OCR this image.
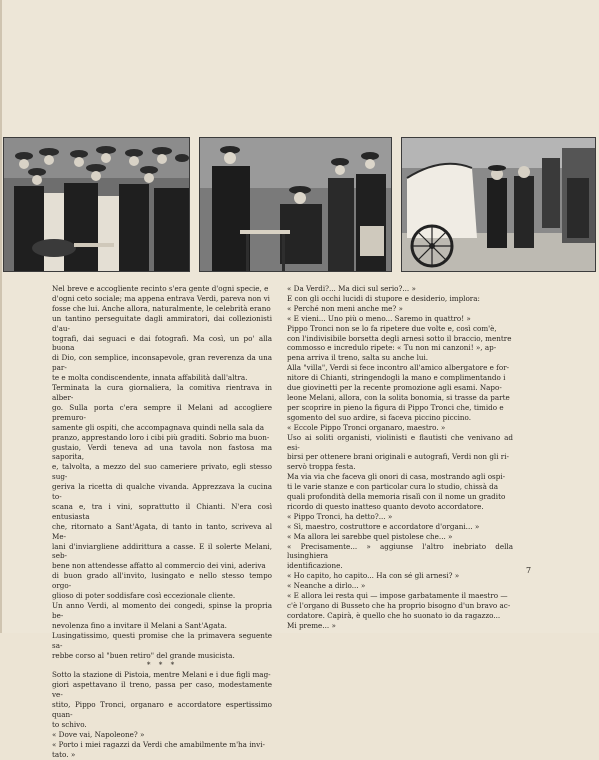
Nel breve e accogliente recinto s'era gente d'ogni specie, e
d'ogni ceto sociale; ma appena entrava Verdi, pareva non vi
fosse che lui. Anche allora, naturalmente, le celebrità erano
un tantino perseguitate dagli ammiratori, dai collezionisti d'au-
tografi, dai seguaci e dai fotografi. Ma così, un po' alla buona
di Dio, con semplice, inconsapevole, gran reverenza da una par-
te e molta condiscendente, innata affabilità dall'altra.

Terminata la cura giornaliera, la comitiva rientrava in alber-
go. Sulla porta c'era sempre il Melani ad accogliere premuro-
samente gli ospiti, che accompagnava quindi nella sala da
pranzo, apprestando loro i cibi più graditi. Sobrio ma buon-
gustaio, Verdi teneva ad una tavola non fastosa ma saporita,
e, talvolta, a mezzo del suo cameriere privato, egli stesso sug-
geriva la ricetta di qualche vivanda. Apprezzava la cucina to-
scana e, tra i vini, soprattutto il Chianti. N'era così entusiasta
che, ritornato a Sant'Agata, di tanto in tanto, scriveva al Me-
lani d'inviargliene addirittura a casse. E il solerte Melani, seb-
bene non attendesse affatto al commercio dei vini, aderiva
di buon grado all'invito, lusingato e nello stesso tempo orgo-
glioso di poter soddisfare così eccezionale cliente.

Un anno Verdi, al momento dei congedi, spinse la propria be-
nevolenza fino a invitare il Melani a Sant'Agata.
Lusingatissimo, questi promise che la primavera seguente sa-
rebbe corso al "buen retiro" del grande musicista.

* * *

Sotto la stazione di Pistoia, mentre Melani e i due figli mag-
giori aspettavano il treno, passa per caso, modestamente ve-
stito, Pippo Tronci, organaro e accordatore espertissimo quan-
to schivo.

« Dove vai, Napoleone? »

« Porto i miei ragazzi da Verdi che amabilmente m'ha invi-
tato. »

« Da Verdi?... Ma dici sul serio?... »
E con gli occhi lucidi di stupore e desiderio, implora:
« Perché non meni anche me? »
« E vieni... Uno più o meno... Saremo in quattro! »
Pippo Tronci non se lo fa ripetere due volte e, così com'è,
con l'indivisibile borsetta degli arnesi sotto il braccio, mentre
commosso e incredulo ripete: « Tu non mi canzoni! », ap-
pena arriva il treno, salta su anche lui.
Alla "villa", Verdi si fece incontro all'amico albergatore e for-
nitore di Chianti, stringendogli la mano e complimentando i
due giovinetti per la recente promozione agli esami. Napo-
leone Melani, allora, con la solita bonomia, si trasse da parte
per scoprire in pieno la figura di Pippo Tronci che, timido e
sgomento del suo ardire, si faceva piccino piccino.
« Eccole Pippo Tronci organaro, maestro. »
Uso ai soliti organisti, violinisti e flautisti che venivano ad esi-
birsi per ottenere brani originali e autografi, Verdi non gli ri-
servò troppa festa.
Ma via via che faceva gli onori di casa, mostrando agli ospi-
ti le varie stanze e con particolar cura lo studio, chissà da
quali profondità della memoria risalì con il nome un gradito
ricordo di questo inatteso quanto devoto accordatore.
« Pippo Tronci, ha detto?... »
« Sì, maestro, costruttore e accordatore d'organi... »
« Ma allora lei sarebbe quel pistolese che... »
« Precisamente... » aggiunse l'altro inebriato della lusinghiera
identificazione.
« Ho capito, ho capito... Ha con sé gli arnesi? »
« Neanche a dirlo... »
« E allora lei resta qui — impose garbatamente il maestro —
c'è l'organo di Busseto che ha proprio bisogno d'un bravo ac-
cordatore. Capirà, è quello che ho suonato io da ragazzo...
Mi preme... »

7
